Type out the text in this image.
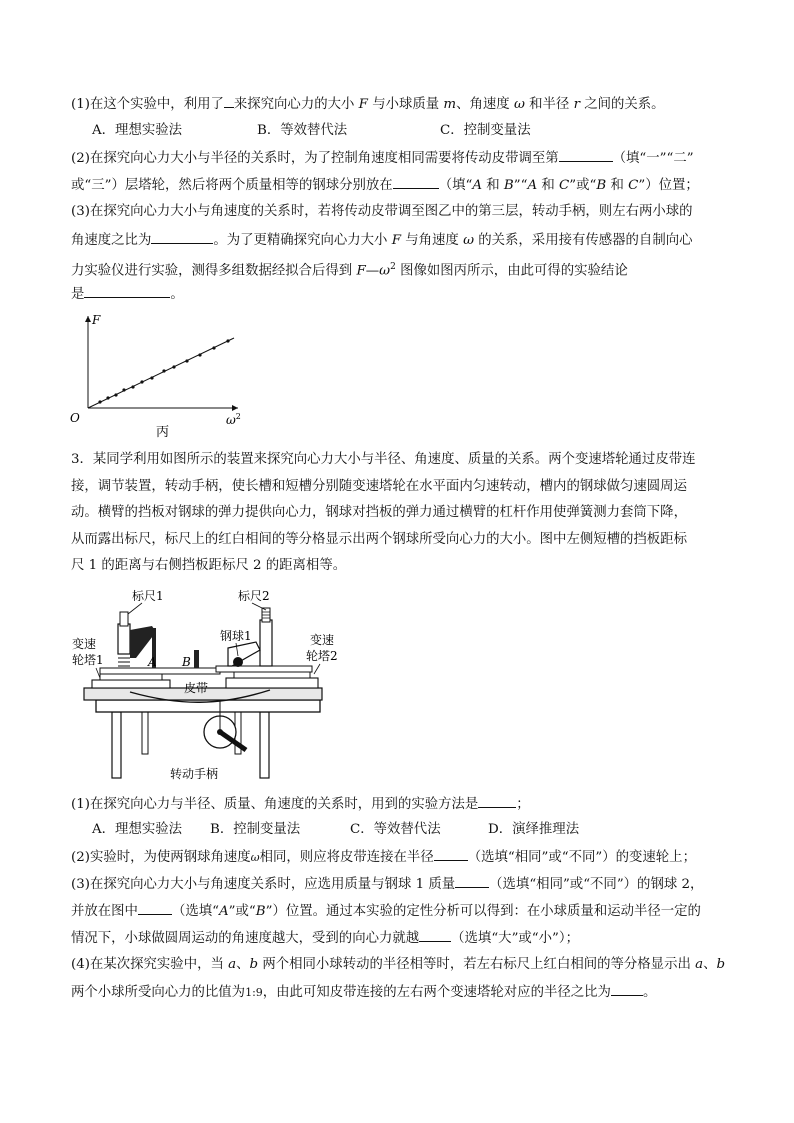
(1)在这个实验中，利用了 来探究向心力的大小 F 与小球质量 m、角速度 ω 和半径 r 之间的关系。
A．理想实验法	B．等效替代法	C．控制变量法
(2)在探究向心力大小与半径的关系时，为了控制角速度相同需要将传动皮带调至第	（填“一”“二”
或“三”）层塔轮，然后将两个质量相等的钢球分别放在	（填“A 和 B”“A 和 C”或“B 和 C”）位置；
(3)在探究向心力大小与角速度的关系时，若将传动皮带调至图乙中的第三层，转动手柄，则左右两小球的
角速度之比为	。为了更精确探究向心力大小 F 与角速度 ω 的关系，采用接有传感器的自制向心
力实验仪进行实验，测得多组数据经拟合后得到 $F—\omega^2$ 图像如图丙所示，由此可得的实验结论
是	。
F
O	$\omega^2$
丙
3．某同学利用如图所示的装置来探究向心力大小与半径、角速度、质量的关系。两个变速塔轮通过皮带连
接，调节装置，转动手柄，使长槽和短槽分别随变速塔轮在水平面内匀速转动，槽内的钢球做匀速圆周运
动。横臂的挡板对钢球的弹力提供向心力，钢球对挡板的弹力通过横臂的杠杆作用使弹簧测力套筒下降，
从而露出标尺，标尺上的红白相间的等分格显示出两个钢球所受向心力的大小。图中左侧短槽的挡板距标
尺 1 的距离与右侧挡板距标尺 2 的距离相等。
标尺1	标尺2
钢球1
变速
轮塔1
变速
轮塔2
皮带
A B
转动手柄
(1)在探究向心力与半径、质量、角速度的关系时，用到的实验方法是	；
A．理想实验法 B．控制变量法	C．等效替代法	D．演绎推理法
(2)实验时，为使两钢球角速度ω相同，则应将皮带连接在半径	（选填“相同”或“不同”）的变速轮上；
(3)在探究向心力大小与角速度关系时，应选用质量与钢球 1 质量	（选填“相同”或“不同”）的钢球 2，
并放在图中	（选填“A”或“B”）位置。通过本实验的定性分析可以得到：在小球质量和运动半径一定的
情况下，小球做圆周运动的角速度越大，受到的向心力就越 （选填“大”或“小”）；
(4)在某次探究实验中，当 a、b 两个相同小球转动的半径相等时，若左右标尺上红白相间的等分格显示出 a、b
两个小球所受向心力的比值为1:9，由此可知皮带连接的左右两个变速塔轮对应的半径之比为 。
